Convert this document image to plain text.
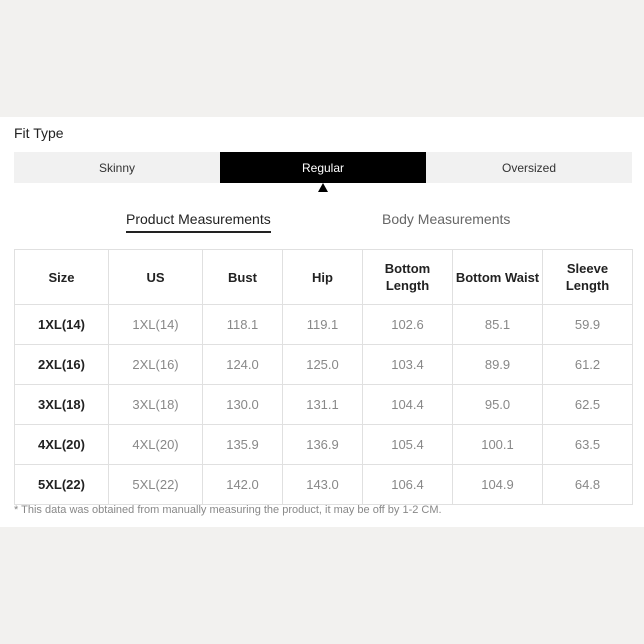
Fit Type
Skinny	Regular	Oversized
Product Measurements	Body Measurements
Size	US	Bust	Hip	Bottom Length	Bottom Waist	Sleeve Length
1XL(14)	1XL(14)	118.1	119.1	102.6	85.1	59.9
2XL(16)	2XL(16)	124.0	125.0	103.4	89.9	61.2
3XL(18)	3XL(18)	130.0	131.1	104.4	95.0	62.5
4XL(20)	4XL(20)	135.9	136.9	105.4	100.1	63.5
5XL(22)	5XL(22)	142.0	143.0	106.4	104.9	64.8
* This data was obtained from manually measuring the product, it may be off by 1-2 CM.
